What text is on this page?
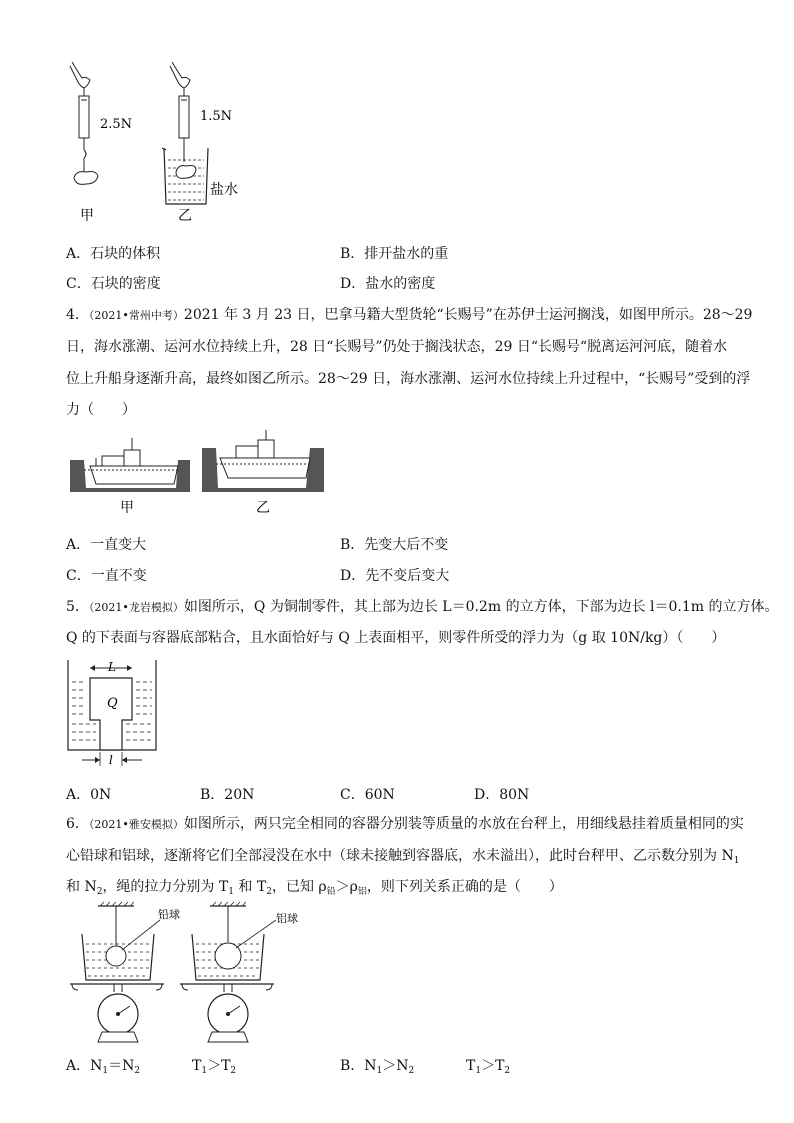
2.5N
1.5N
盐水
甲	乙
A．石块的体积	B．排开盐水的重
C．石块的密度	D．盐水的密度
4．（2021•常州中考）2021 年 3 月 23 日，巴拿马籍大型货轮“长赐号”在苏伊士运河搁浅，如图甲所示。28～29
日，海水涨潮、运河水位持续上升，28 日“长赐号”仍处于搁浅状态，29 日“长赐号“脱离运河河底，随着水
位上升船身逐渐升高，最终如图乙所示。28～29 日，海水涨潮、运河水位持续上升过程中，“长赐号”受到的浮
力（　　）
甲	乙
A．一直变大	B．先变大后不变
C．一直不变	D．先不变后变大
5．（2021•龙岩模拟）如图所示，Q 为铜制零件，其上部为边长 L＝0.2m 的立方体，下部为边长 l＝0.1m 的立方体。
Q 的下表面与容器底部粘合，且水面恰好与 Q 上表面相平，则零件所受的浮力为（g 取 10N/kg）（　　）
L
Q
l
A．0N	B．20N	C．60N	D．80N
6．（2021•雅安模拟）如图所示，两只完全相同的容器分别装等质量的水放在台秤上，用细线悬挂着质量相同的实
心铅球和铝球，逐渐将它们全部浸没在水中（球未接触到容器底，水未溢出），此时台秤甲、乙示数分别为 $N_1$
和 $N_2$，绳的拉力分别为 $T_1$ 和 $T_2$，已知 $\rho_铅>\rho_铝$，则下列关系正确的是（　　）
铅球	铝球
A．$N_1=N_2$	$T_1>T_2$	B．$N_1>N_2$	$T_1>T_2$
